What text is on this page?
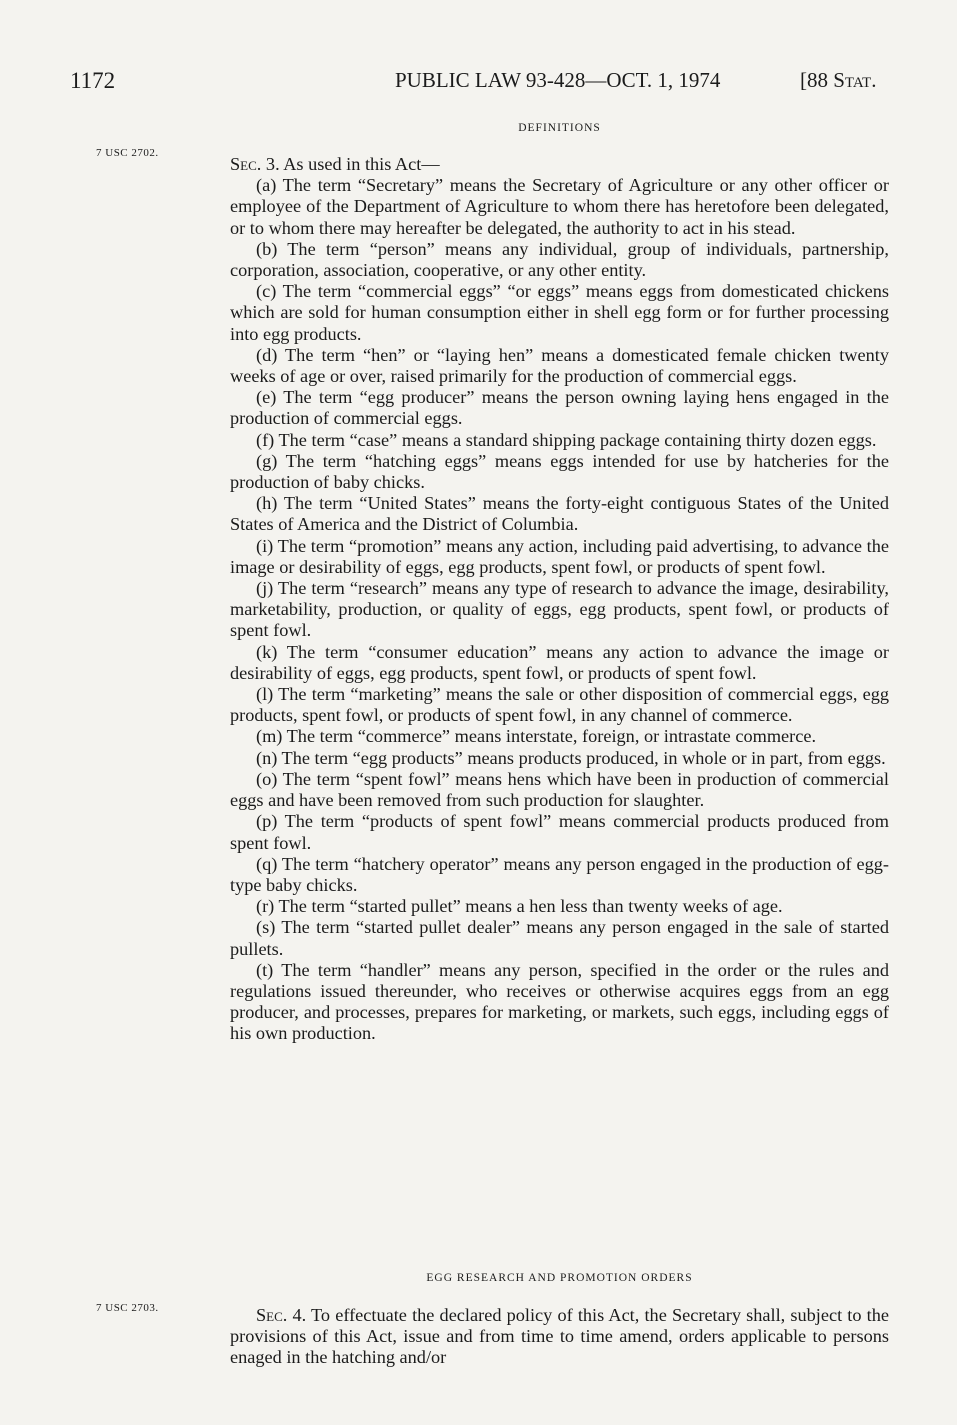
1172	PUBLIC LAW 93-428—OCT. 1, 1974	[88 Stat.
DEFINITIONS
7 USC 2702.

Sec. 3. As used in this Act—

(a) The term “Secretary” means the Secretary of Agriculture or any other officer or employee of the Department of Agriculture to whom there has heretofore been delegated, or to whom there may hereafter be delegated, the authority to act in his stead.

(b) The term “person” means any individual, group of individuals, partnership, corporation, association, cooperative, or any other entity.

(c) The term “commercial eggs” “or eggs” means eggs from domesticated chickens which are sold for human consumption either in shell egg form or for further processing into egg products.

(d) The term “hen” or “laying hen” means a domesticated female chicken twenty weeks of age or over, raised primarily for the production of commercial eggs.

(e) The term “egg producer” means the person owning laying hens engaged in the production of commercial eggs.

(f) The term “case” means a standard shipping package containing thirty dozen eggs.

(g) The term “hatching eggs” means eggs intended for use by hatcheries for the production of baby chicks.

(h) The term “United States” means the forty-eight contiguous States of the United States of America and the District of Columbia.

(i) The term “promotion” means any action, including paid advertising, to advance the image or desirability of eggs, egg products, spent fowl, or products of spent fowl.

(j) The term “research” means any type of research to advance the image, desirability, marketability, production, or quality of eggs, egg products, spent fowl, or products of spent fowl.

(k) The term “consumer education” means any action to advance the image or desirability of eggs, egg products, spent fowl, or products of spent fowl.

(l) The term “marketing” means the sale or other disposition of commercial eggs, egg products, spent fowl, or products of spent fowl, in any channel of commerce.

(m) The term “commerce” means interstate, foreign, or intrastate commerce.

(n) The term “egg products” means products produced, in whole or in part, from eggs.

(o) The term “spent fowl” means hens which have been in production of commercial eggs and have been removed from such production for slaughter.

(p) The term “products of spent fowl” means commercial products produced from spent fowl.

(q) The term “hatchery operator” means any person engaged in the production of egg-type baby chicks.

(r) The term “started pullet” means a hen less than twenty weeks of age.

(s) The term “started pullet dealer” means any person engaged in the sale of started pullets.

(t) The term “handler” means any person, specified in the order or the rules and regulations issued thereunder, who receives or otherwise acquires eggs from an egg producer, and processes, prepares for marketing, or markets, such eggs, including eggs of his own production.

EGG RESEARCH AND PROMOTION ORDERS
7 USC 2703.	Sec. 4. To effectuate the declared policy of this Act, the Secretary shall, subject to the provisions of this Act, issue and from time to time amend, orders applicable to persons enaged in the hatching and/or
